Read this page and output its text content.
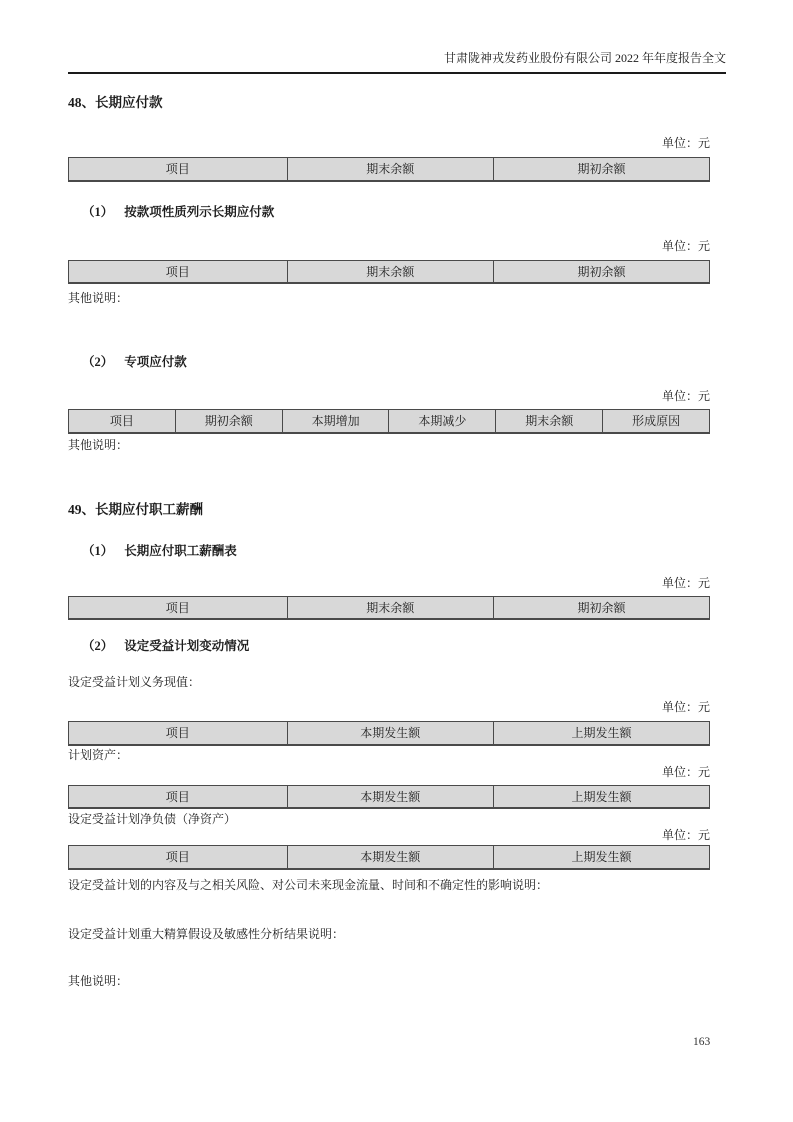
甘肃陇神戎发药业股份有限公司 2022 年年度报告全文
48、长期应付款
单位：元
项目	期末余额	期初余额
（1） 按款项性质列示长期应付款
单位：元
项目	期末余额	期初余额
其他说明：
（2） 专项应付款
单位：元
项目	期初余额	本期增加	本期减少	期末余额	形成原因
其他说明：
49、长期应付职工薪酬
（1） 长期应付职工薪酬表
单位：元
项目	期末余额	期初余额
（2） 设定受益计划变动情况
设定受益计划义务现值：
单位：元
项目	本期发生额	上期发生额
计划资产：
单位：元
项目	本期发生额	上期发生额
设定受益计划净负债（净资产）
单位：元
项目	本期发生额	上期发生额
设定受益计划的内容及与之相关风险、对公司未来现金流量、时间和不确定性的影响说明：
设定受益计划重大精算假设及敏感性分析结果说明：
其他说明：
163
